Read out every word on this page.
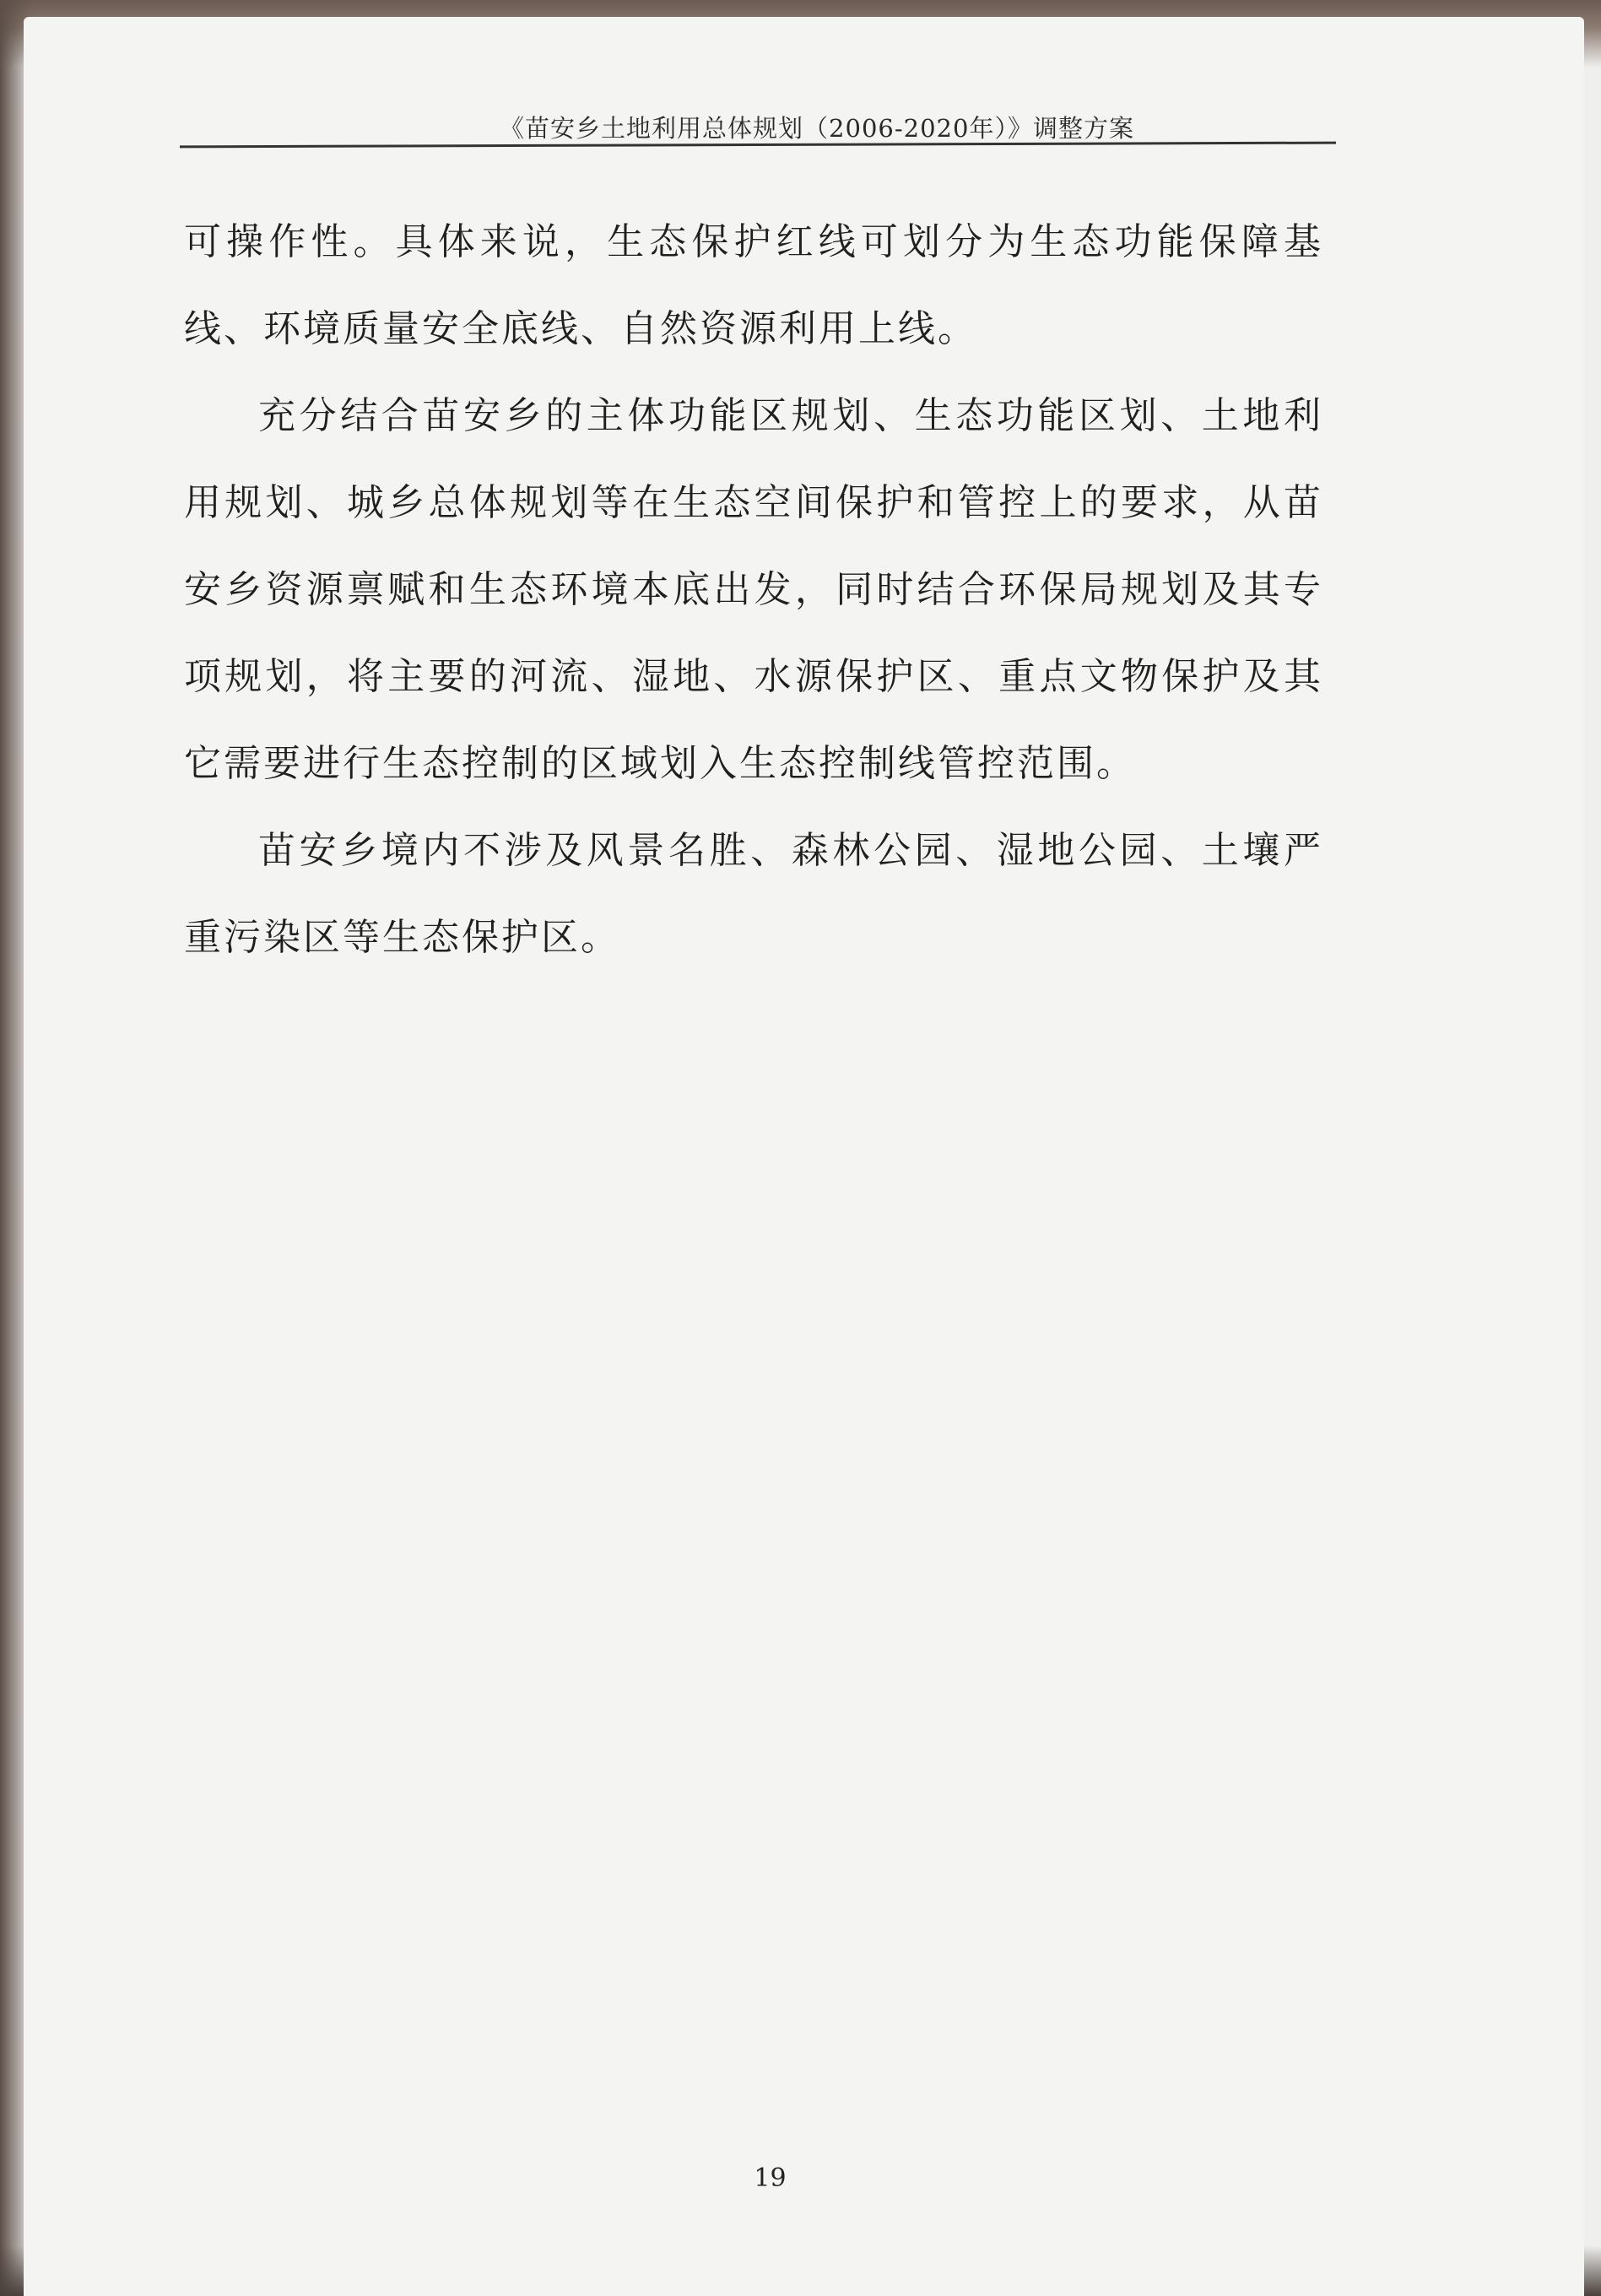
《苗安乡土地利用总体规划（2006-2020年）》调整方案

可操作性。具体来说，生态保护红线可划分为生态功能保障基线、环境质量安全底线、自然资源利用上线。

充分结合苗安乡的主体功能区规划、生态功能区划、土地利用规划、城乡总体规划等在生态空间保护和管控上的要求，从苗安乡资源禀赋和生态环境本底出发，同时结合环保局规划及其专项规划，将主要的河流、湿地、水源保护区、重点文物保护及其它需要进行生态控制的区域划入生态控制线管控范围。

苗安乡境内不涉及风景名胜、森林公园、湿地公园、土壤严重污染区等生态保护区。

19
